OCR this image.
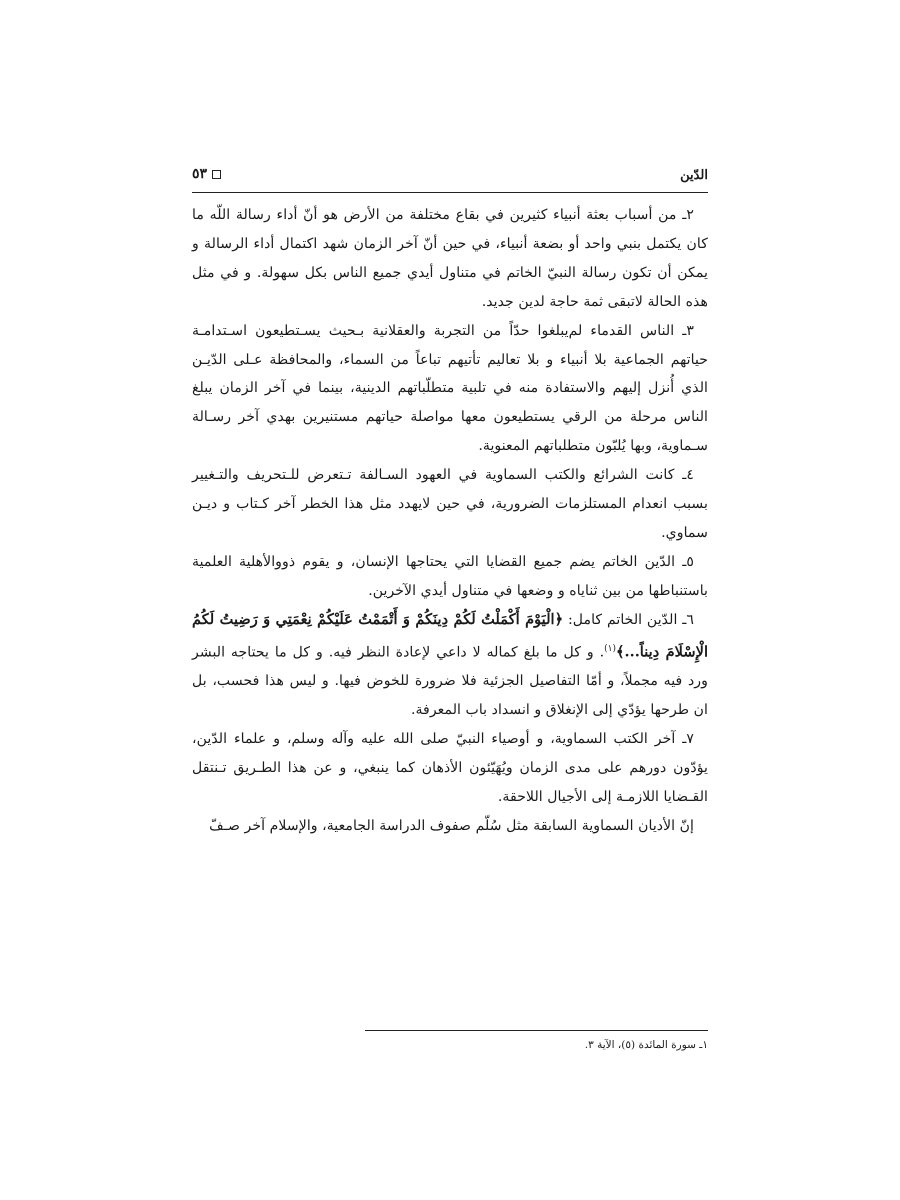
الدّين
٥٣

٢ـ من أسباب بعثة أنبياء كثيرين في بقاع مختلفة من الأرض هو أنّ أداء رسالة اللّه ما كان يكتمل بنبي واحد أو بضعة أنبياء، في حين أنّ آخر الزمان شهد اكتمال أداء الرسالة و يمكن أن تكون رسالة النبيّ الخاتم في متناول أيدي جميع الناس بكل سهولة. و في مثل هذه الحالة لاتبقى ثمة حاجة لدين جديد.

٣ـ الناس القدماء لم‌يبلغوا حدّاً من التجربة والعقلانية بـحيث يسـتطيعون اسـتدامـة حياتهم الجماعية بلا أنبياء و بلا تعاليم تأتيهم تباعاً من السماء، والمحافظة عـلى الدّيـن الذي أُنزل إليهم والاستفادة منه في تلبية متطلّباتهم الدينية، بينما في آخر الزمان يبلغ الناس مرحلة من الرقي يستطيعون معها مواصلة حياتهم مستنيرين بهدي آخر رسـالة سـماوية، وبها يُلبّون متطلباتهم المعنوية.

٤ـ كانت الشرائع والكتب السماوية في العهود السـالفة تـتعرض للـتحريف والتـغيير بسبب انعدام المستلزمات الضرورية، في حين لايهدد مثل هذا الخطر آخر كـتاب و ديـن سماوي.

٥ـ الدّين الخاتم يضم جميع القضايا التي يحتاجها الإنسان، و يقوم ذووالأهلية العلمية باستنباطها من بين ثناياه و وضعها في متناول أيدي الآخرين.

٦ـ الدّين الخاتم كامل: ﴿الْيَوْمَ أَكْمَلْتُ لَكُمْ دِينَكُمْ وَ أَتْمَمْتُ عَلَيْكُمْ نِعْمَتِي وَ رَضِيتُ لَكُمُ الْإِسْلَامَ دِيناً...﴾$^{(١)}$. و كل ما بلغ كماله لا داعي لإعادة النظر فيه. و كل ما يحتاجه البشر ورد فيه مجملاً، و أمّا التفاصيل الجزئية فلا ضرورة للخوض فيها. و ليس هذا فحسب، بل ان طرحها يؤدّي إلى الإنغلاق و انسداد باب المعرفة.

٧ـ آخر الكتب السماوية، و أوصياء النبيّ صلى الله عليه وآله وسلم، و علماء الدّين، يؤدّون دورهم على مدى الزمان ويُهَيّئون الأذهان كما ينبغي، و عن هذا الطـريق تـنتقل القـضايا اللازمـة إلى الأجيال اللاحقة.

إنّ الأديان السماوية السابقة مثل سُلّم صفوف الدراسة الجامعية، والإسلام آخر صـفّ

١ـ سورة المائدة (٥)، الآية ٣.
